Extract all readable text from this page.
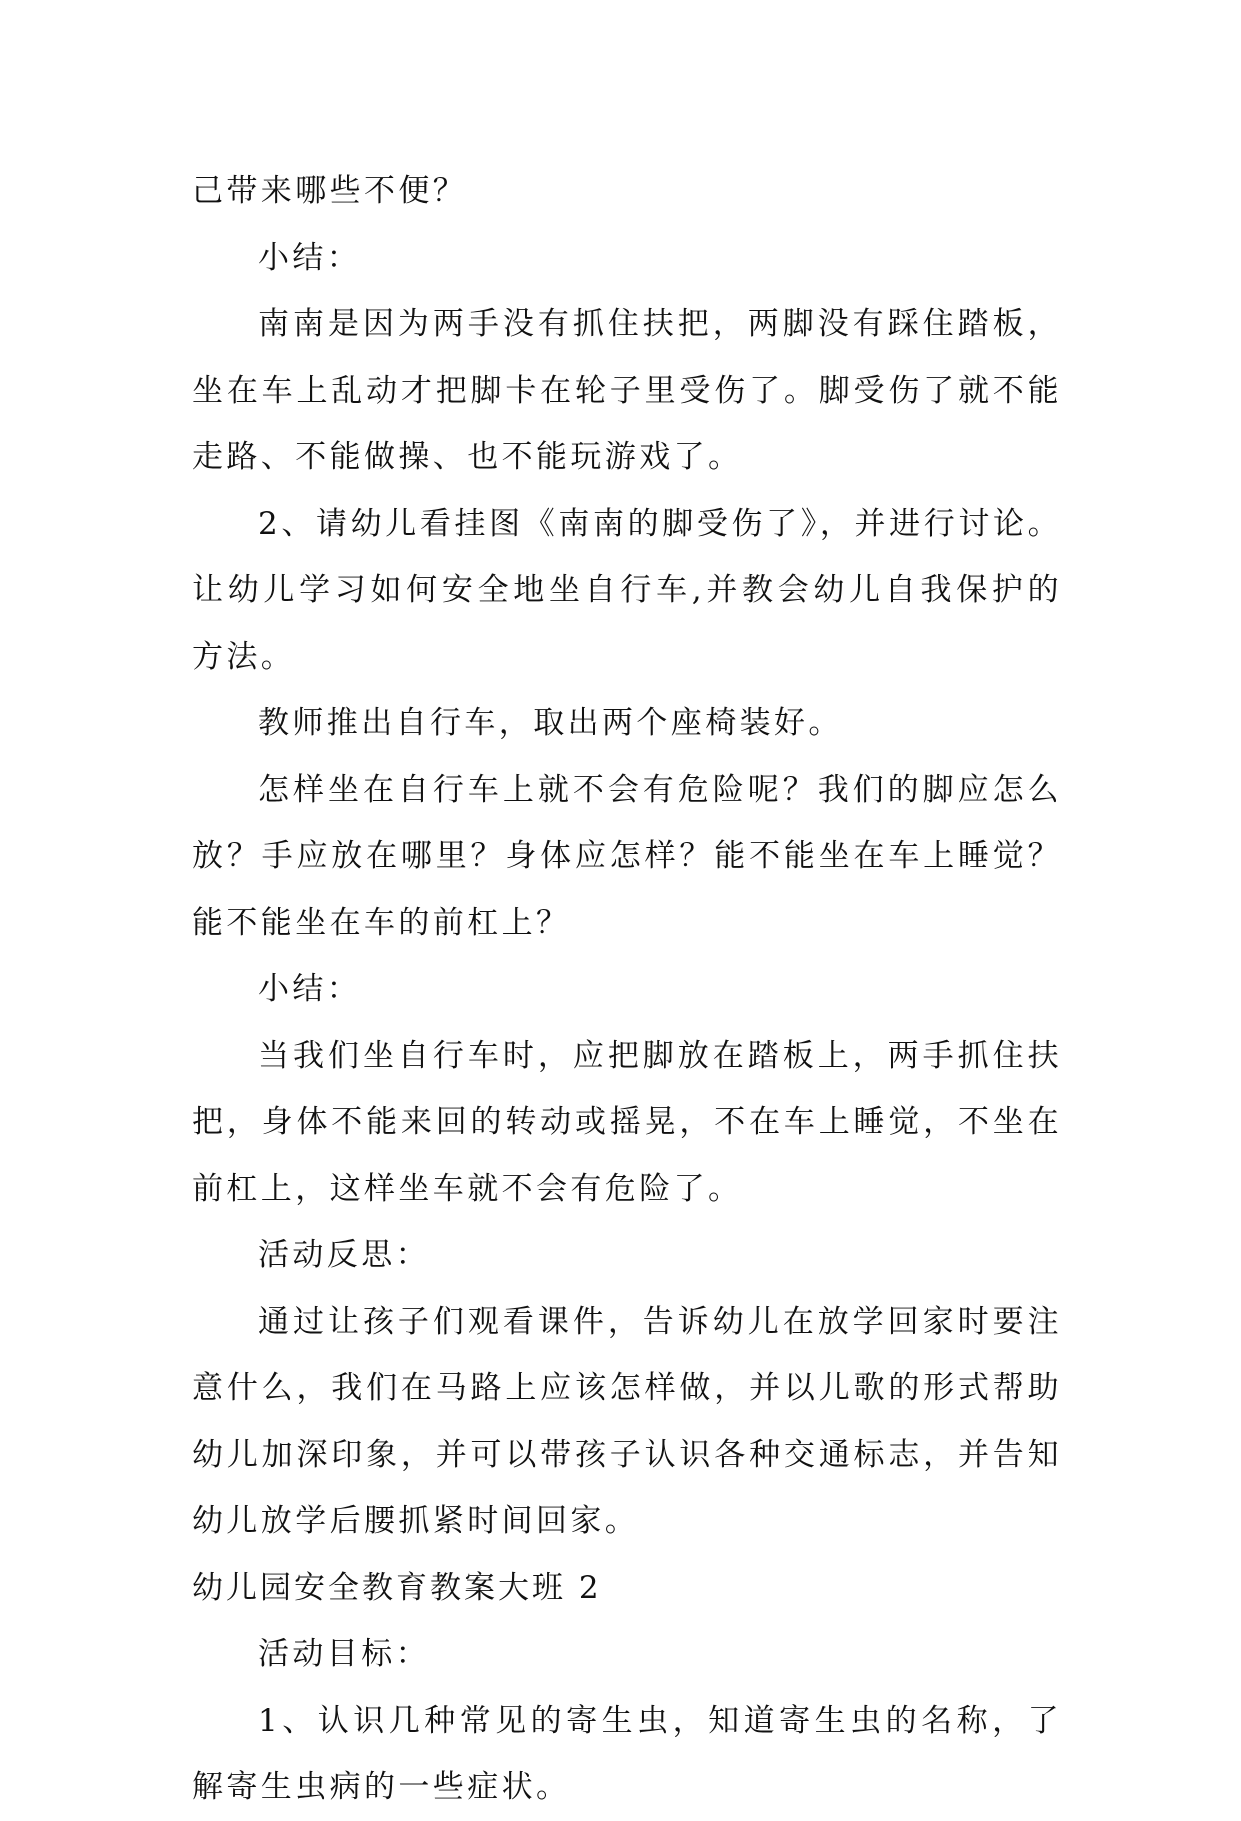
己带来哪些不便？

小结：

南南是因为两手没有抓住扶把，两脚没有踩住踏板，坐在车上乱动才把脚卡在轮子里受伤了。脚受伤了就不能走路、不能做操、也不能玩游戏了。

2、请幼儿看挂图《南南的脚受伤了》，并进行讨论。让幼儿学习如何安全地坐自行车,并教会幼儿自我保护的方法。

教师推出自行车，取出两个座椅装好。

怎样坐在自行车上就不会有危险呢？我们的脚应怎么放？手应放在哪里？身体应怎样？能不能坐在车上睡觉？能不能坐在车的前杠上？

小结：

当我们坐自行车时，应把脚放在踏板上，两手抓住扶把，身体不能来回的转动或摇晃，不在车上睡觉，不坐在前杠上，这样坐车就不会有危险了。

活动反思：

通过让孩子们观看课件，告诉幼儿在放学回家时要注意什么，我们在马路上应该怎样做，并以儿歌的形式帮助幼儿加深印象，并可以带孩子认识各种交通标志，并告知幼儿放学后腰抓紧时间回家。

幼儿园安全教育教案大班 2

活动目标：

1、认识几种常见的寄生虫，知道寄生虫的名称，了解寄生虫病的一些症状。
